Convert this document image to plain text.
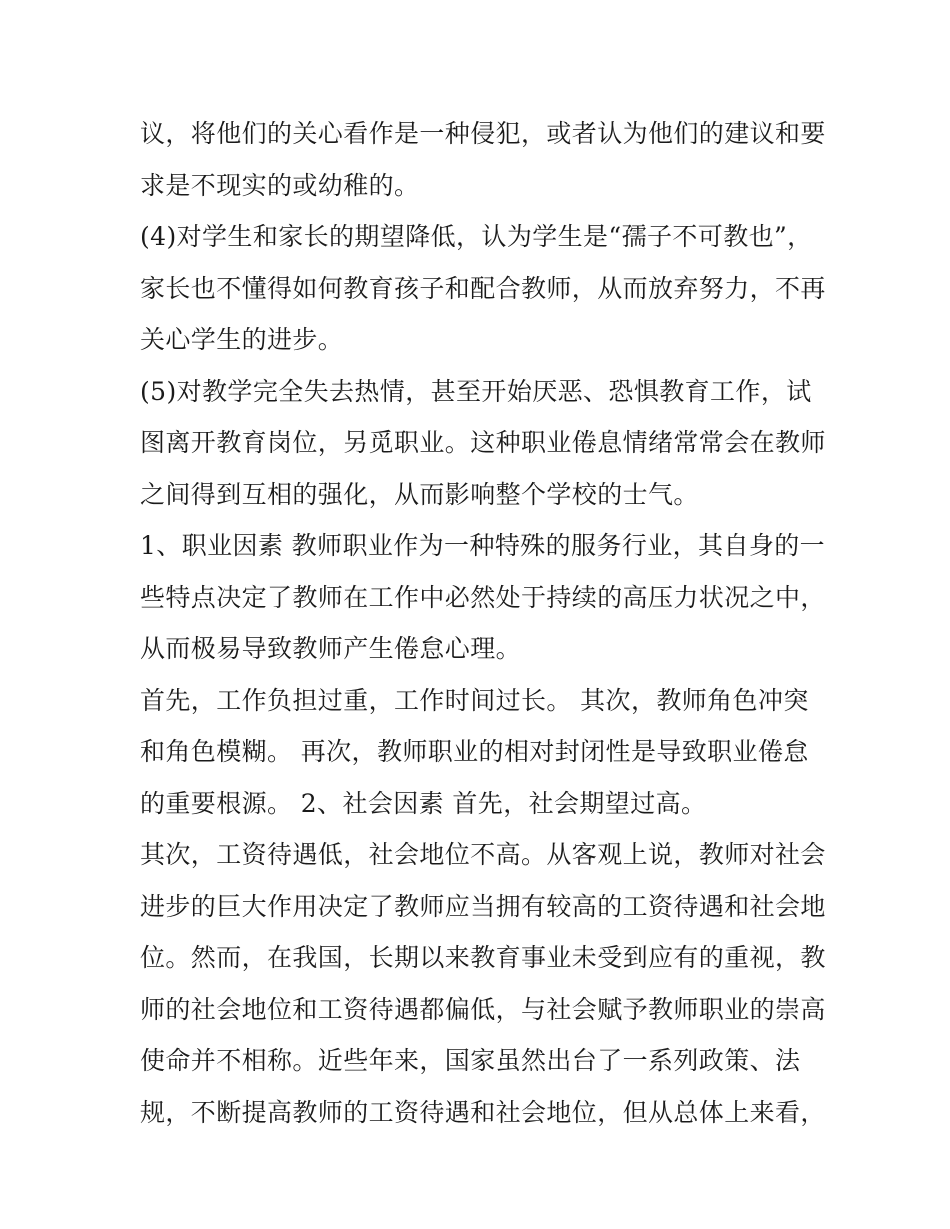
议，将他们的关心看作是一种侵犯，或者认为他们的建议和要
求是不现实的或幼稚的。
(4)对学生和家长的期望降低，认为学生是“孺子不可教也”，
家长也不懂得如何教育孩子和配合教师，从而放弃努力，不再
关心学生的进步。
(5)对教学完全失去热情，甚至开始厌恶、恐惧教育工作，试
图离开教育岗位，另觅职业。这种职业倦息情绪常常会在教师
之间得到互相的强化，从而影响整个学校的士气。
1、职业因素 教师职业作为一种特殊的服务行业，其自身的一
些特点决定了教师在工作中必然处于持续的高压力状况之中，
从而极易导致教师产生倦怠心理。
首先，工作负担过重，工作时间过长。 其次，教师角色冲突
和角色模糊。 再次，教师职业的相对封闭性是导致职业倦怠
的重要根源。 2、社会因素 首先，社会期望过高。
其次，工资待遇低，社会地位不高。从客观上说，教师对社会
进步的巨大作用决定了教师应当拥有较高的工资待遇和社会地
位。然而，在我国，长期以来教育事业未受到应有的重视，教
师的社会地位和工资待遇都偏低，与社会赋予教师职业的崇高
使命并不相称。近些年来，国家虽然出台了一系列政策、法
规，不断提高教师的工资待遇和社会地位，但从总体上来看，
